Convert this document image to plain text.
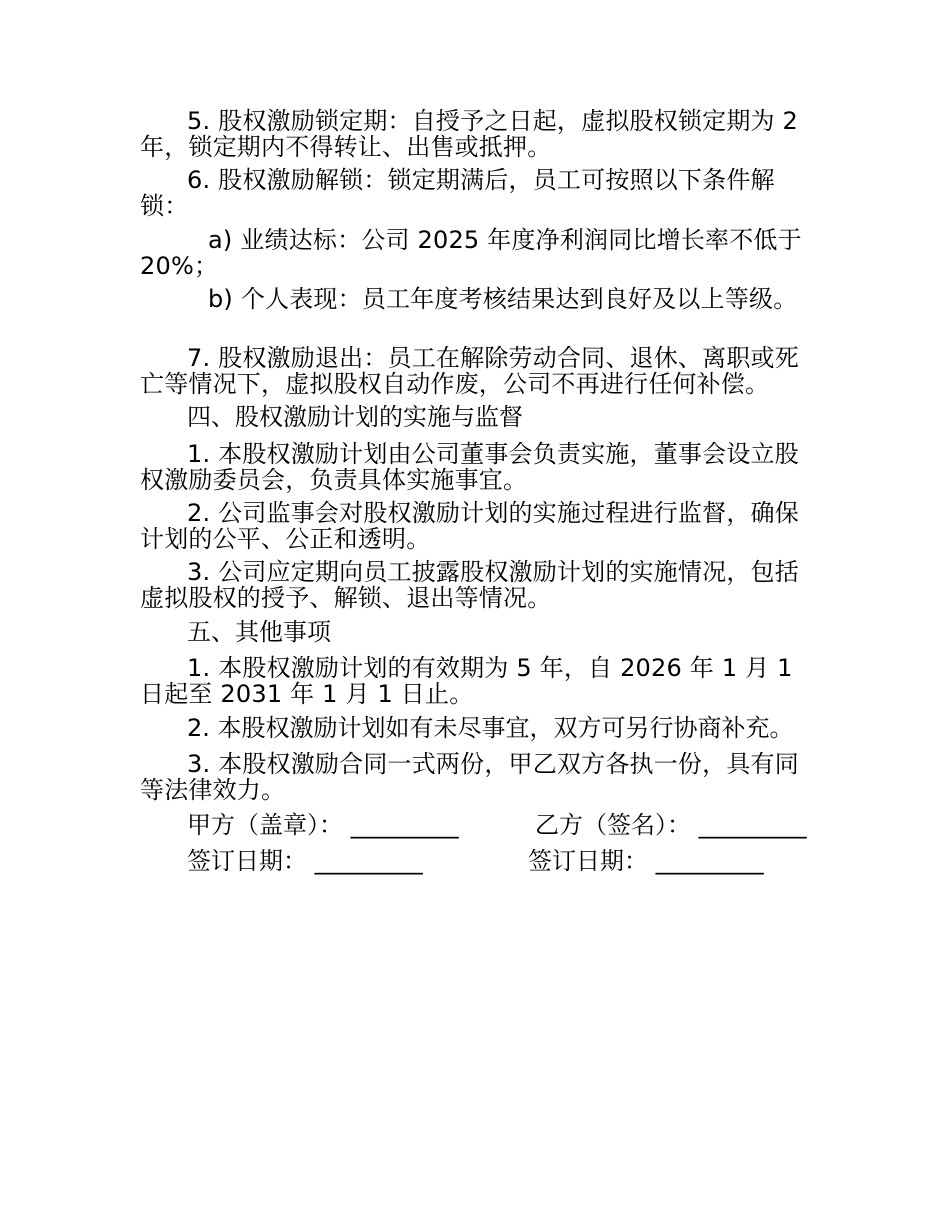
5. 股权激励锁定期：自授予之日起，虚拟股权锁定期为 2 年，锁定期内不得转让、出售或抵押。

6. 股权激励解锁：锁定期满后，员工可按照以下条件解锁：

a) 业绩达标：公司 2025 年度净利润同比增长率不低于 20%；

b) 个人表现：员工年度考核结果达到良好及以上等级。

7. 股权激励退出：员工在解除劳动合同、退休、离职或死亡等情况下，虚拟股权自动作废，公司不再进行任何补偿。

四、股权激励计划的实施与监督

1. 本股权激励计划由公司董事会负责实施，董事会设立股权激励委员会，负责具体实施事宜。

2. 公司监事会对股权激励计划的实施过程进行监督，确保计划的公平、公正和透明。

3. 公司应定期向员工披露股权激励计划的实施情况，包括虚拟股权的授予、解锁、退出等情况。

五、其他事项

1. 本股权激励计划的有效期为 5 年，自 2026 年 1 月 1 日起至 2031 年 1 月 1 日止。

2. 本股权激励计划如有未尽事宜，双方可另行协商补充。

3. 本股权激励合同一式两份，甲乙双方各执一份，具有同等法律效力。

甲方（盖章）： _________	乙方（签名）： _________
签订日期： _________	签订日期： _________
